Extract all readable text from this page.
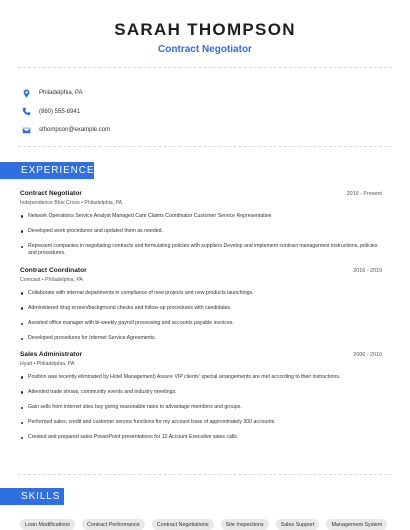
SARAH THOMPSON
Contract Negotiator
Philadelphia, PA
(860) 555-8941
sthompson@example.com
EXPERIENCE
Contract Negotiator	2019 - Present
Independence Blue Cross • Philadelphia, PA
Network Operations Service Analyst Managed Care Claims Coordinator Customer Service Representative
Developed work procedures and updated them as needed.
Represent companies in negotiating contracts and formulating policies with suppliers Develop and implement contract management instructions, policies and procedures.
Contract Coordinator	2016 - 2019
Comcast • Philadelphia, PA
Collaborate with internal departments in compliance of new projects and new products launchings.
Administered drug screen/background checks and follow-up procedures with candidates.
Assisted office manager with bi-weekly payroll processing and accounts payable invoices.
Developed procedures for Internet Service Agreements.
Sales Administrator	2006 - 2010
Hyatt • Philadelphia, PA
Position was recently eliminated by Hotel Management) Assure VIP clients' special arrangements are met according to their instructions.
Attended trade shows, community events and industry meetings.
Gain sells from internet sites buy giving reasonable rates to advantage members and groups.
Performed sales, credit and customer service functions for my account base of approximately 300 accounts.
Created and prepared sales PowerPoint presentations for 12 Account Executive sales calls.
SKILLS
Loan Modifications	Contract Performance	Contract Negotiations	Site Inspections	Sales Support	Management System
